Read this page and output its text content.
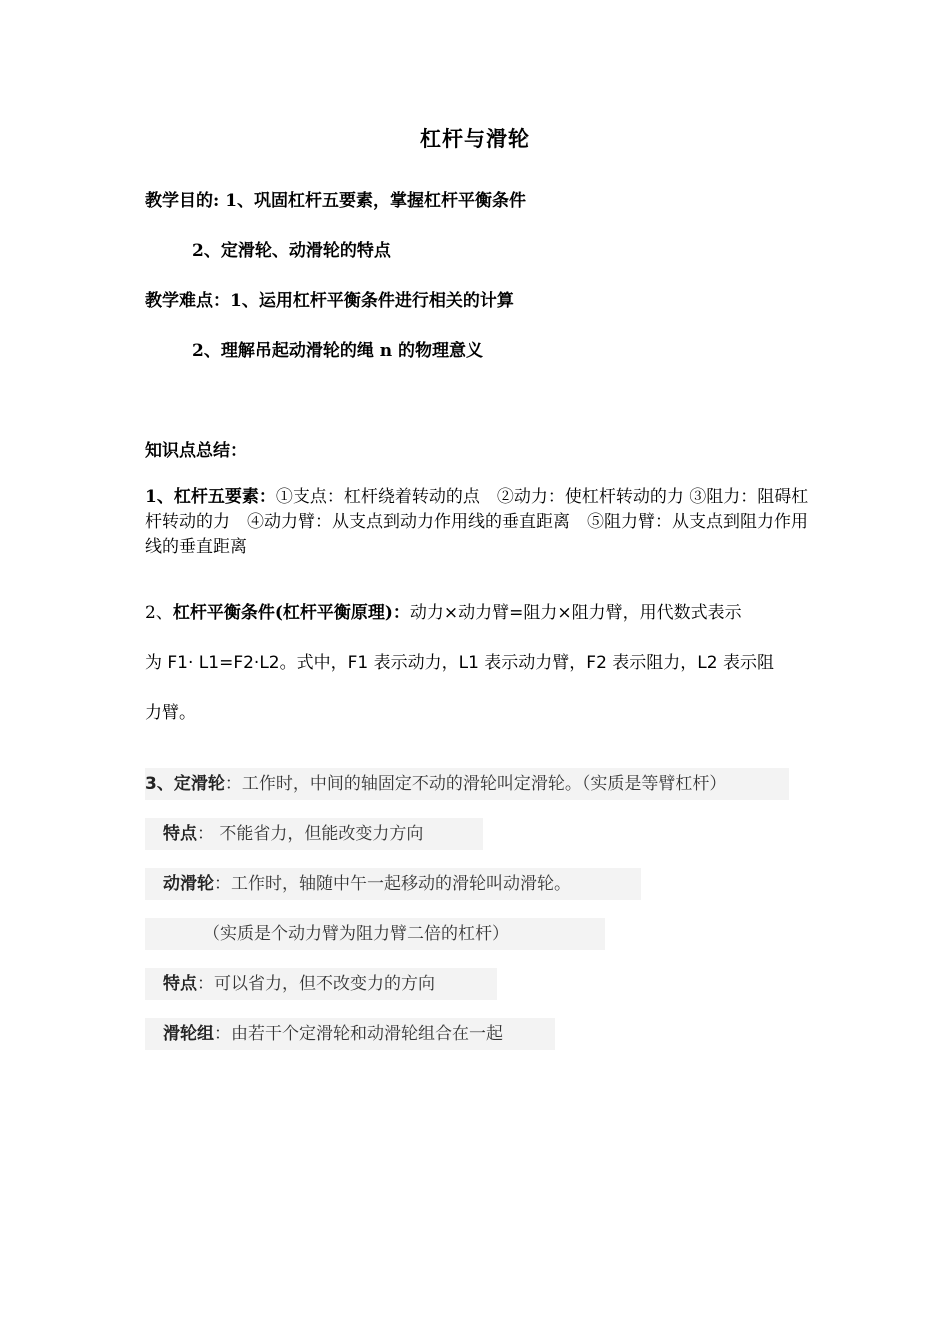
杠杆与滑轮
教学目的: 1、巩固杠杆五要素，掌握杠杆平衡条件
2、定滑轮、动滑轮的特点
教学难点：1、运用杠杆平衡条件进行相关的计算
2、理解吊起动滑轮的绳 n 的物理意义
知识点总结：
1、杠杆五要素：①支点：杠杆绕着转动的点　②动力：使杠杆转动的力 ③阻力：阻碍杠杆转动的力　④动力臂：从支点到动力作用线的垂直距离　⑤阻力臂：从支点到阻力作用线的垂直距离
2、杠杆平衡条件(杠杆平衡原理)：动力×动力臂=阻力×阻力臂，用代数式表示
为 F1· L1=F2·L2。式中，F1 表示动力，L1 表示动力臂，F2 表示阻力，L2 表示阻
力臂。
3、定滑轮：工作时，中间的轴固定不动的滑轮叫定滑轮。（实质是等臂杠杆）
特点： 不能省力，但能改变力方向
动滑轮：工作时，轴随中午一起移动的滑轮叫动滑轮。
（实质是个动力臂为阻力臂二倍的杠杆）
特点：可以省力，但不改变力的方向
滑轮组：由若干个定滑轮和动滑轮组合在一起
